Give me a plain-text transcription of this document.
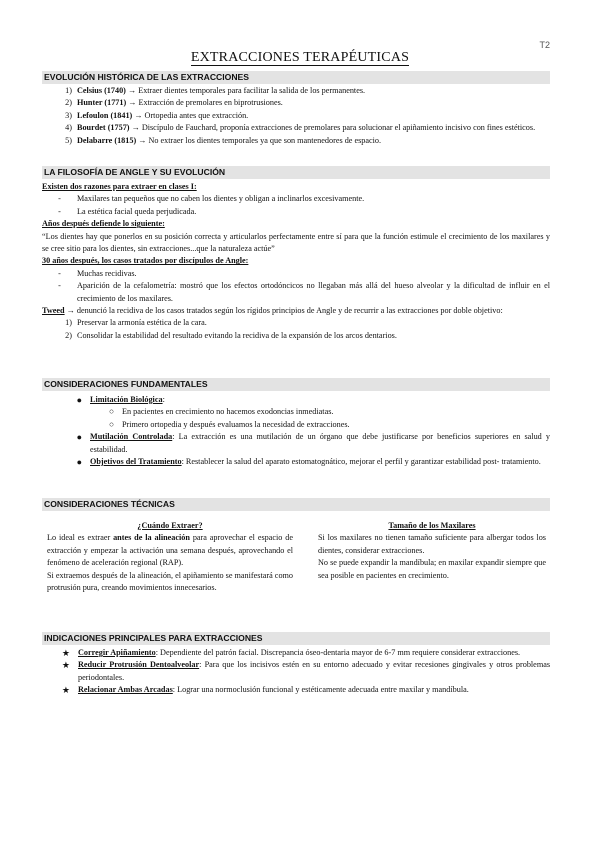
T2
EXTRACCIONES TERAPÉUTICAS
EVOLUCIÓN HISTÓRICA DE LAS EXTRACCIONES
1) Celsius (1740) → Extraer dientes temporales para facilitar la salida de los permanentes.
2) Hunter (1771) → Extracción de premolares en biprotrusiones.
3) Lefoulon (1841) → Ortopedia antes que extracción.
4) Bourdet (1757) → Discípulo de Fauchard, proponía extracciones de premolares para solucionar el apiñamiento incisivo con fines estéticos.
5) Delabarre (1815) → No extraer los dientes temporales ya que son mantenedores de espacio.
LA FILOSOFÍA DE ANGLE Y SU EVOLUCIÓN
Existen dos razones para extraer en clases I:
-	Maxilares tan pequeños que no caben los dientes y obligan a inclinarlos excesivamente.
-	La estética facial queda perjudicada.
Años después defiende lo siguiente:
“Los dientes hay que ponerlos en su posición correcta y articularlos perfectamente entre sí para que la función estimule el crecimiento de los maxilares y se cree sitio para los dientes, sin extracciones...que la naturaleza actúe”
30 años después, los casos tratados por discípulos de Angle:
-	Muchas recidivas.
-	Aparición de la cefalometría: mostró que los efectos ortodóncicos no llegaban más allá del hueso alveolar y la dificultad de influir en el crecimiento de los maxilares.
Tweed → denunció la recidiva de los casos tratados según los rígidos principios de Angle y de recurrir a las extracciones por doble objetivo:
1) Preservar la armonía estética de la cara.
2) Consolidar la estabilidad del resultado evitando la recidiva de la expansión de los arcos dentarios.
CONSIDERACIONES FUNDAMENTALES
● Limitación Biológica:
○ En pacientes en crecimiento no hacemos exodoncias inmediatas.
○ Primero ortopedia y después evaluamos la necesidad de extracciones.
● Mutilación Controlada: La extracción es una mutilación de un órgano que debe justificarse por beneficios superiores en salud y estabilidad.
● Objetivos del Tratamiento: Restablecer la salud del aparato estomatognático, mejorar el perfil y garantizar estabilidad post- tratamiento.
CONSIDERACIONES TÉCNICAS
¿Cuándo Extraer?
Lo ideal es extraer antes de la alineación para aprovechar el espacio de extracción y empezar la activación una semana después, aprovechando el fenómeno de aceleración regional (RAP).
Si extraemos después de la alineación, el apiñamiento se manifestará como protrusión pura, creando movimientos innecesarios.
Tamaño de los Maxilares
Si los maxilares no tienen tamaño suficiente para albergar todos los dientes, considerar extracciones.
No se puede expandir la mandíbula; en maxilar expandir siempre que sea posible en pacientes en crecimiento.
INDICACIONES PRINCIPALES PARA EXTRACCIONES
★ Corregir Apiñamiento: Dependiente del patrón facial. Discrepancia óseo-dentaria mayor de 6-7 mm requiere considerar extracciones.
★ Reducir Protrusión Dentoalveolar: Para que los incisivos estén en su entorno adecuado y evitar recesiones gingivales y otros problemas periodontales.
★ Relacionar Ambas Arcadas: Lograr una normoclusión funcional y estéticamente adecuada entre maxilar y mandíbula.
